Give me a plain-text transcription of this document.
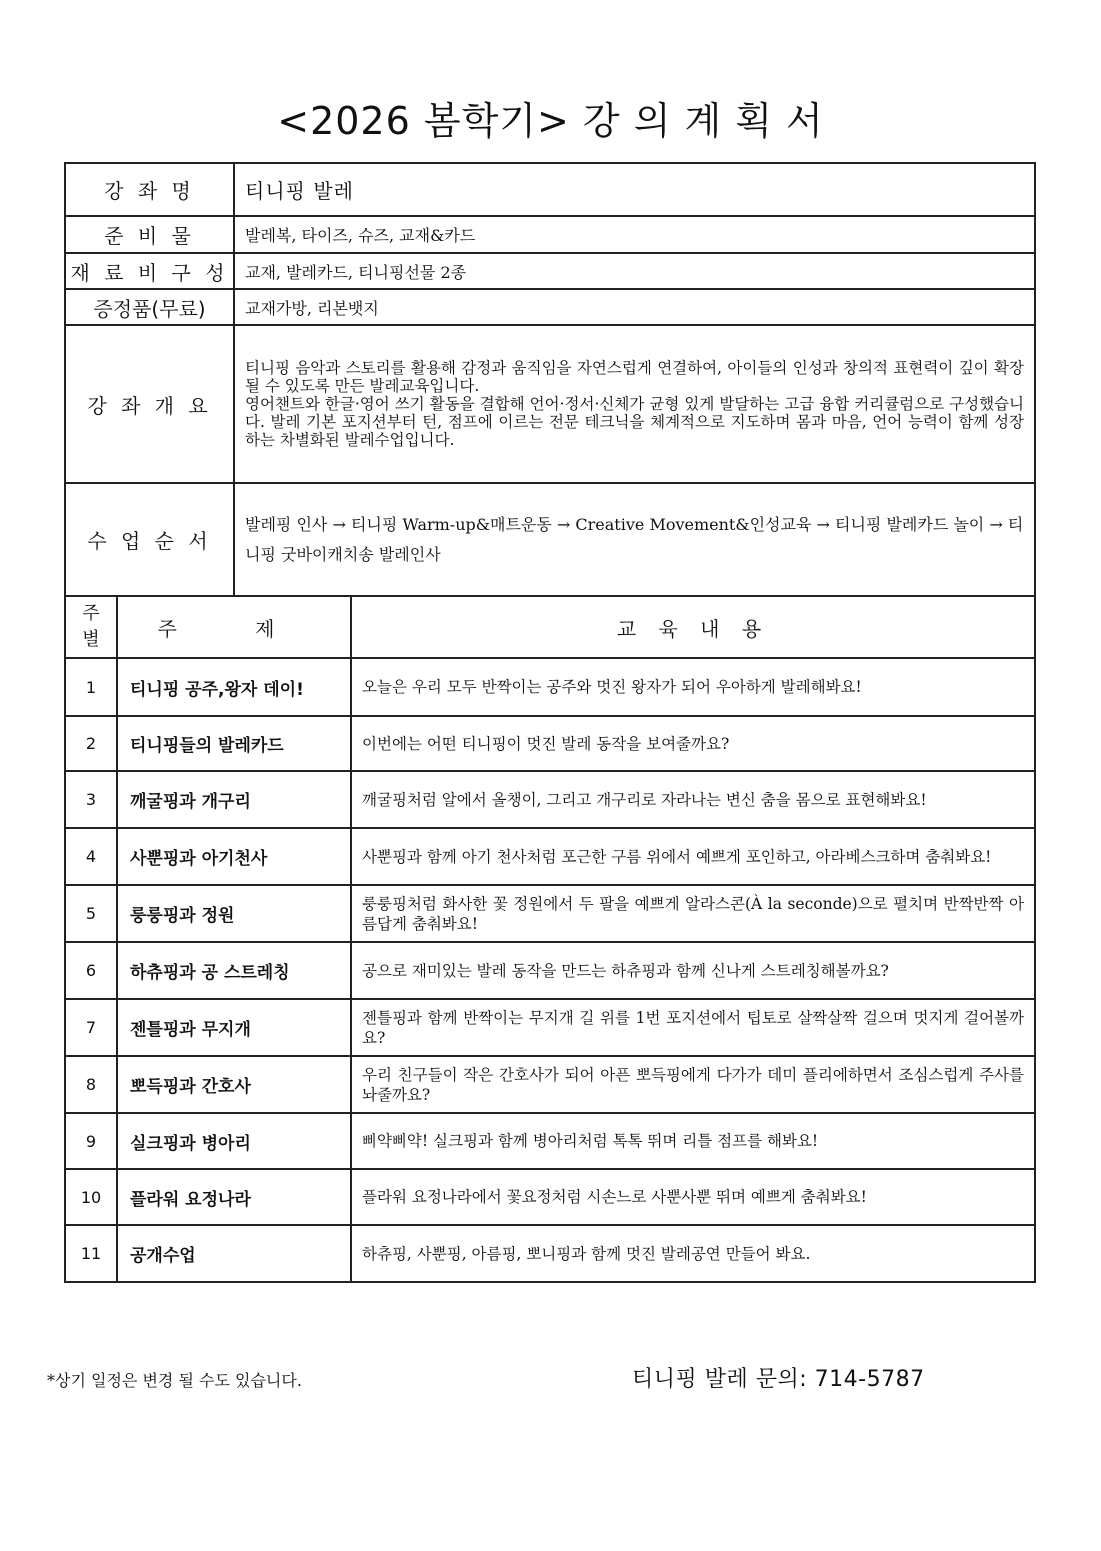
<2026 봄학기> 강 의 계 획 서
강 좌 명	티니핑 발레
준 비 물	발레복, 타이즈, 슈즈, 교재&카드
재 료 비 구 성	교재, 발레카드, 티니핑선물 2종
증정품(무료)	교재가방, 리본뱃지
강 좌 개 요	티니핑 음악과 스토리를 활용해 감정과 움직임을 자연스럽게 연결하여, 아이들의 인성과 창의적 표현력이 깊이 확장될 수 있도록 만든 발레교육입니다.
영어챈트와 한글·영어 쓰기 활동을 결합해 언어·정서·신체가 균형 있게 발달하는 고급 융합 커리큘럼으로 구성했습니다. 발레 기본 포지션부터 턴, 점프에 이르는 전문 테크닉을 체계적으로 지도하며 몸과 마음, 언어 능력이 함께 성장하는 차별화된 발레수업입니다.

수 업 순 서	발레핑 인사 → 티니핑 Warm-up&매트운동 → Creative Movement&인성교육 → 티니핑 발레카드 놀이 → 티니핑 굿바이캐치송 발레인사
주
별	주 제	교 육 내 용
1	티니핑 공주,왕자 데이!	오늘은 우리 모두 반짝이는 공주와 멋진 왕자가 되어 우아하게 발레해봐요!
2	티니핑들의 발레카드	이번에는 어떤 티니핑이 멋진 발레 동작을 보여줄까요?
3	깨굴핑과 개구리	깨굴핑처럼 알에서 올챙이, 그리고 개구리로 자라나는 변신 춤을 몸으로 표현해봐요!
4	사뿐핑과 아기천사	사뿐핑과 함께 아기 천사처럼 포근한 구름 위에서 예쁘게 포인하고, 아라베스크하며 춤춰봐요!
5	룽룽핑과 정원	룽룽핑처럼 화사한 꽃 정원에서 두 팔을 예쁘게 알라스콘(À la seconde)으로 펼치며 반짝반짝 아름답게 춤춰봐요!
6	하츄핑과 공 스트레칭	공으로 재미있는 발레 동작을 만드는 하츄핑과 함께 신나게 스트레칭해볼까요?
7	젠틀핑과 무지개	젠틀핑과 함께 반짝이는 무지개 길 위를 1번 포지션에서 팁토로 살짝살짝 걸으며 멋지게 걸어볼까요?
8	뽀득핑과 간호사	우리 친구들이 작은 간호사가 되어 아픈 뽀득핑에게 다가가 데미 플리에하면서 조심스럽게 주사를 놔줄까요?
9	실크핑과 병아리	삐약삐약! 실크핑과 함께 병아리처럼 톡톡 뛰며 리틀 점프를 해봐요!
10	플라워 요정나라	플라워 요정나라에서 꽃요정처럼 시손느로 사뿐사뿐 뛰며 예쁘게 춤춰봐요!
11	공개수업	하츄핑, 사뿐핑, 아름핑, 뽀니핑과 함께 멋진 발레공연 만들어 봐요.
*상기 일정은 변경 될 수도 있습니다.	티니핑 발레 문의: 714-5787
